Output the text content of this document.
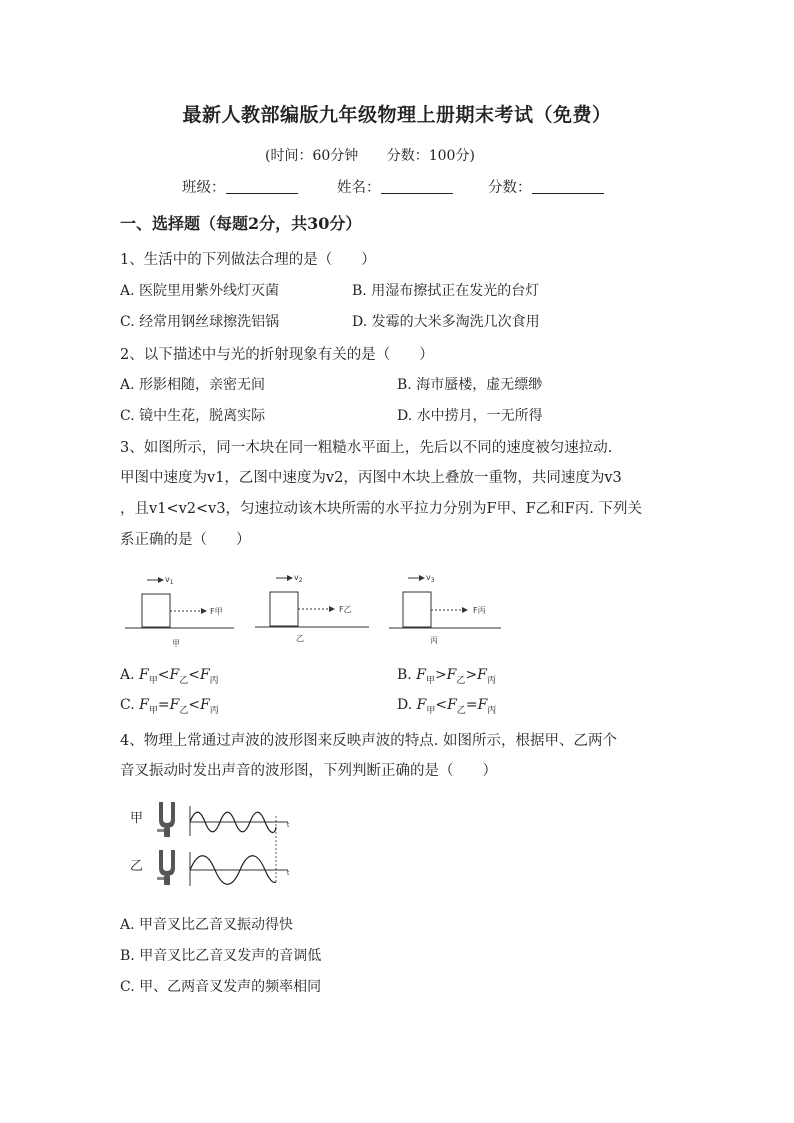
最新人教部编版九年级物理上册期末考试（免费）
(时间：60分钟 分数：100分)
班级：	姓名：	分数：
一、选择题（每题2分，共30分）
1、生活中的下列做法合理的是（　　）
A. 医院里用紫外线灯灭菌	B. 用湿布擦拭正在发光的台灯
C. 经常用钢丝球擦洗铝锅	D. 发霉的大米多淘洗几次食用
2、以下描述中与光的折射现象有关的是（　　）
A. 形影相随，亲密无间	B. 海市蜃楼，虚无缥缈
C. 镜中生花，脱离实际	D. 水中捞月，一无所得
3、如图所示，同一木块在同一粗糙水平面上，先后以不同的速度被匀速拉动.
甲图中速度为v1，乙图中速度为v2，丙图中木块上叠放一重物，共同速度为v3
，且v1<v2<v3，匀速拉动该木块所需的水平拉力分别为F甲、F乙和F丙. 下列关
系正确的是（　　）
$v_1$
F甲
甲
$v_2$
F乙
乙
$v_3$
F丙
丙
A. $F_甲<F_乙<F_丙$	B. $F_甲>F_乙>F_丙$
C. $F_甲=F_乙<F_丙$	D. $F_甲<F_乙=F_丙$
4、物理上常通过声波的波形图来反映声波的特点. 如图所示，根据甲、乙两个
音叉振动时发出声音的波形图，下列判断正确的是（　　）
甲
乙
t
t
A. 甲音叉比乙音叉振动得快
B. 甲音叉比乙音叉发声的音调低
C. 甲、乙两音叉发声的频率相同
